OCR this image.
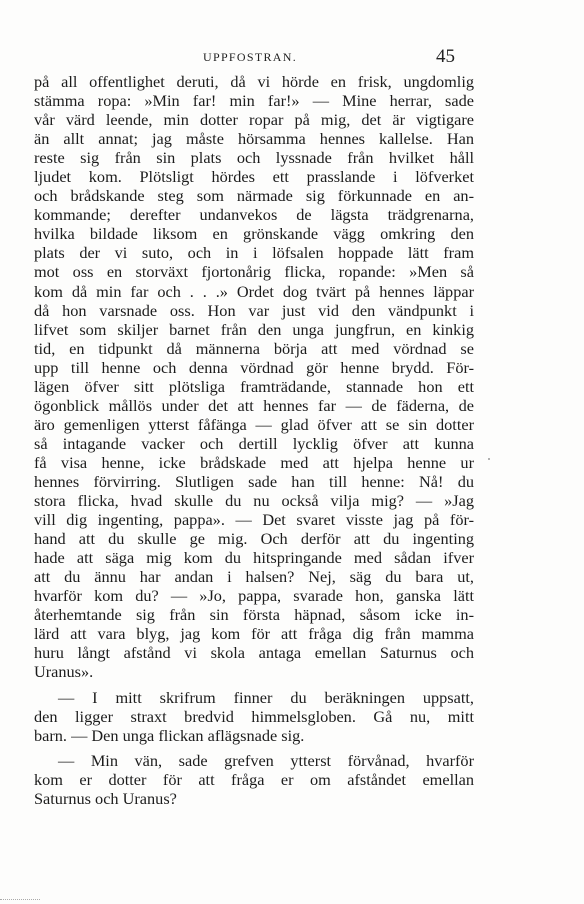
UPPFOSTRAN.	45
på all offentlighet deruti, då vi hörde en frisk, ungdomlig
stämma ropa: »Min far! min far!» — Mine herrar, sade
vår värd leende, min dotter ropar på mig, det är vigtigare
än allt annat; jag måste hörsamma hennes kallelse. Han
reste sig från sin plats och lyssnade från hvilket håll
ljudet kom. Plötsligt hördes ett prasslande i löfverket
och brådskande steg som närmade sig förkunnade en an-
kommande; derefter undanvekos de lägsta trädgrenarna,
hvilka bildade liksom en grönskande vägg omkring den
plats der vi suto, och in i löfsalen hoppade lätt fram
mot oss en storväxt fjortonårig flicka, ropande: »Men så
kom då min far och . . .» Ordet dog tvärt på hennes läppar
då hon varsnade oss. Hon var just vid den vändpunkt i
lifvet som skiljer barnet från den unga jungfrun, en kinkig
tid, en tidpunkt då männerna börja att med vördnad se
upp till henne och denna vördnad gör henne brydd. För-
lägen öfver sitt plötsliga framträdande, stannade hon ett
ögonblick mållös under det att hennes far — de fäderna, de
äro gemenligen ytterst fåfänga — glad öfver att se sin dotter
så intagande vacker och dertill lycklig öfver att kunna
få visa henne, icke brådskade med att hjelpa henne ur
hennes förvirring. Slutligen sade han till henne: Nå! du
stora flicka, hvad skulle du nu också vilja mig? — »Jag
vill dig ingenting, pappa». — Det svaret visste jag på för-
hand att du skulle ge mig. Och derför att du ingenting
hade att säga mig kom du hitspringande med sådan ifver
att du ännu har andan i halsen? Nej, säg du bara ut,
hvarför kom du? — »Jo, pappa, svarade hon, ganska lätt
återhemtande sig från sin första häpnad, såsom icke in-
lärd att vara blyg, jag kom för att fråga dig från mamma
huru långt afstånd vi skola antaga emellan Saturnus och
Uranus».
— I mitt skrifrum finner du beräkningen uppsatt,
den ligger straxt bredvid himmelsgloben. Gå nu, mitt
barn. — Den unga flickan aflägsnade sig.
— Min vän, sade grefven ytterst förvånad, hvarför
kom er dotter för att fråga er om afståndet emellan
Saturnus och Uranus?
